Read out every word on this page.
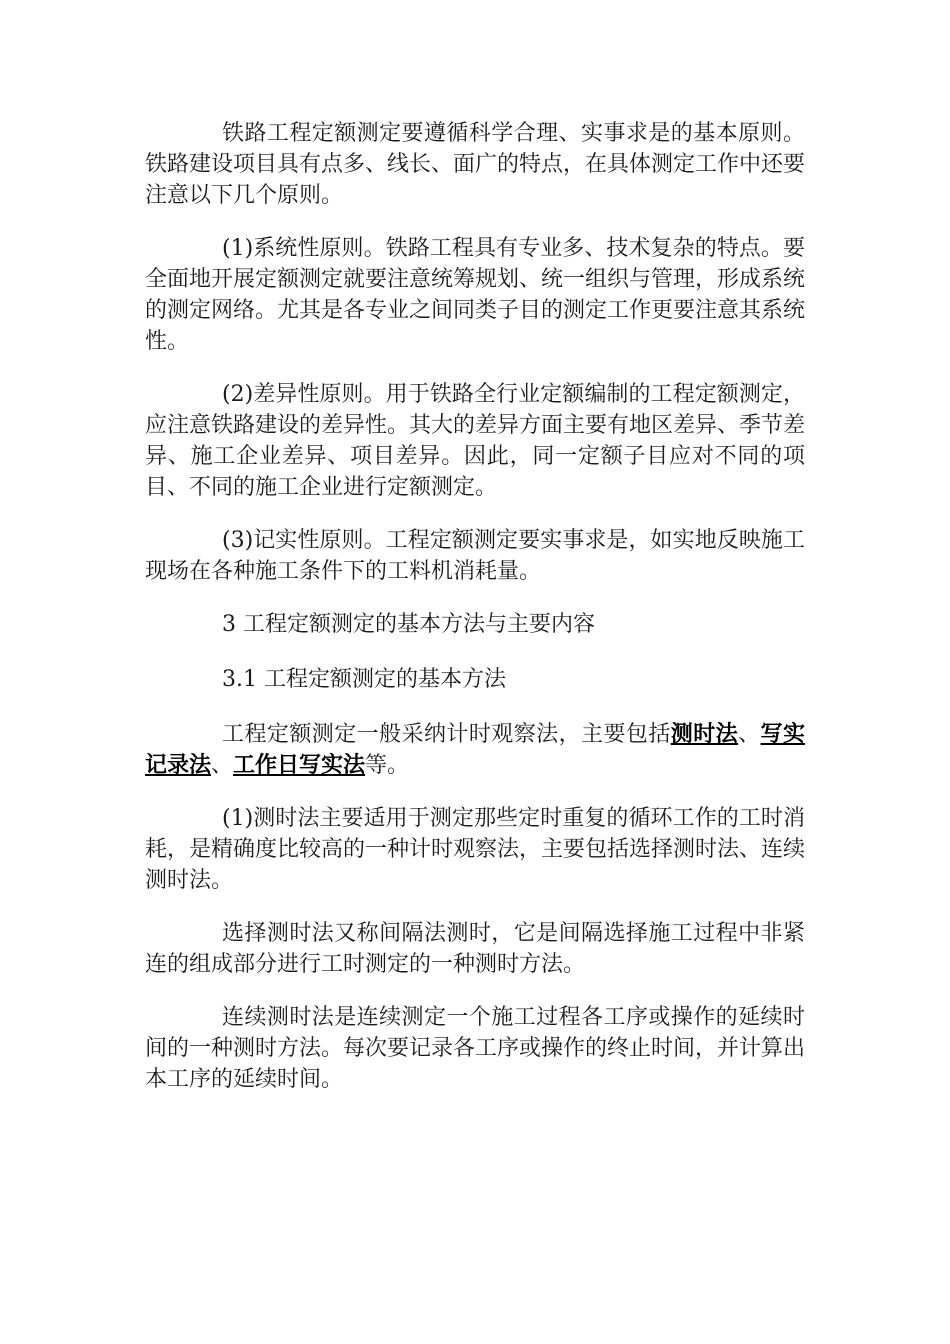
铁路工程定额测定要遵循科学合理、实事求是的基本原则。铁路建设项目具有点多、线长、面广的特点，在具体测定工作中还要注意以下几个原则。

(1)系统性原则。铁路工程具有专业多、技术复杂的特点。要全面地开展定额测定就要注意统筹规划、统一组织与管理，形成系统的测定网络。尤其是各专业之间同类子目的测定工作更要注意其系统性。

(2)差异性原则。用于铁路全行业定额编制的工程定额测定，应注意铁路建设的差异性。其大的差异方面主要有地区差异、季节差异、施工企业差异、项目差异。因此，同一定额子目应对不同的项目、不同的施工企业进行定额测定。

(3)记实性原则。工程定额测定要实事求是，如实地反映施工现场在各种施工条件下的工料机消耗量。

3 工程定额测定的基本方法与主要内容

3.1 工程定额测定的基本方法

工程定额测定一般采纳计时观察法，主要包括测时法、写实记录法、工作日写实法等。

(1)测时法主要适用于测定那些定时重复的循环工作的工时消耗，是精确度比较高的一种计时观察法，主要包括选择测时法、连续测时法。

选择测时法又称间隔法测时，它是间隔选择施工过程中非紧连的组成部分进行工时测定的一种测时方法。

连续测时法是连续测定一个施工过程各工序或操作的延续时间的一种测时方法。每次要记录各工序或操作的终止时间，并计算出本工序的延续时间。
